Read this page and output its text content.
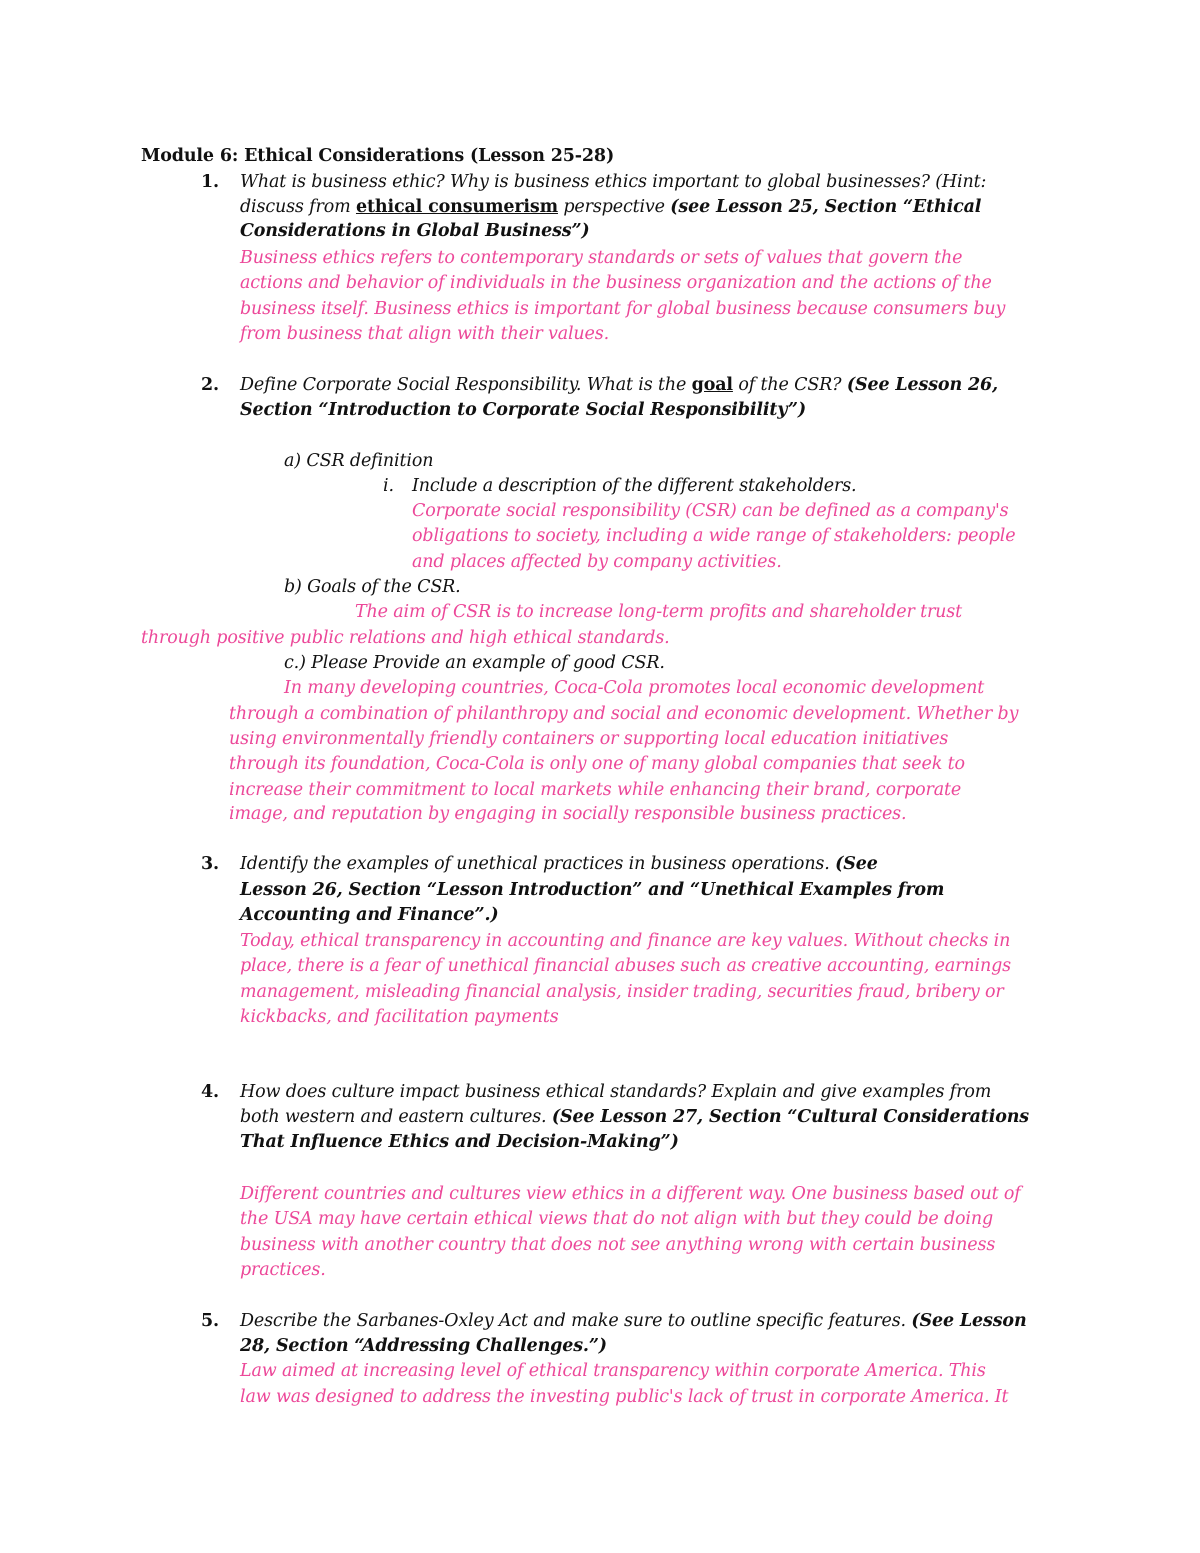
Module 6: Ethical Considerations (Lesson 25-28)
1. What is business ethic? Why is business ethics important to global businesses? (Hint:
discuss from ethical consumerism perspective (see Lesson 25, Section “Ethical
Considerations in Global Business”)
Business ethics refers to contemporary standards or sets of values that govern the
actions and behavior of individuals in the business organization and the actions of the
business itself. Business ethics is important for global business because consumers buy
from business that align with their values.
2. Define Corporate Social Responsibility. What is the goal of the CSR? (See Lesson 26,
Section “Introduction to Corporate Social Responsibility”)
a) CSR definition
i. Include a description of the different stakeholders.
Corporate social responsibility (CSR) can be defined as a company's
obligations to society, including a wide range of stakeholders: people
and places affected by company activities.
b) Goals of the CSR.
The aim of CSR is to increase long-term profits and shareholder trust
through positive public relations and high ethical standards.
c.) Please Provide an example of good CSR.
In many developing countries, Coca-Cola promotes local economic development
through a combination of philanthropy and social and economic development. Whether by
using environmentally friendly containers or supporting local education initiatives
through its foundation, Coca-Cola is only one of many global companies that seek to
increase their commitment to local markets while enhancing their brand, corporate
image, and reputation by engaging in socially responsible business practices.
3. Identify the examples of unethical practices in business operations. (See
Lesson 26, Section “Lesson Introduction” and “Unethical Examples from
Accounting and Finance”.)
Today, ethical transparency in accounting and finance are key values. Without checks in
place, there is a fear of unethical financial abuses such as creative accounting, earnings
management, misleading financial analysis, insider trading, securities fraud, bribery or
kickbacks, and facilitation payments
4. How does culture impact business ethical standards? Explain and give examples from
both western and eastern cultures. (See Lesson 27, Section “Cultural Considerations
That Influence Ethics and Decision-Making”)
Different countries and cultures view ethics in a different way. One business based out of
the USA may have certain ethical views that do not align with but they could be doing
business with another country that does not see anything wrong with certain business
practices.
5. Describe the Sarbanes-Oxley Act and make sure to outline specific features. (See Lesson
28, Section “Addressing Challenges.”)
Law aimed at increasing level of ethical transparency within corporate America. This
law was designed to address the investing public's lack of trust in corporate America. It
